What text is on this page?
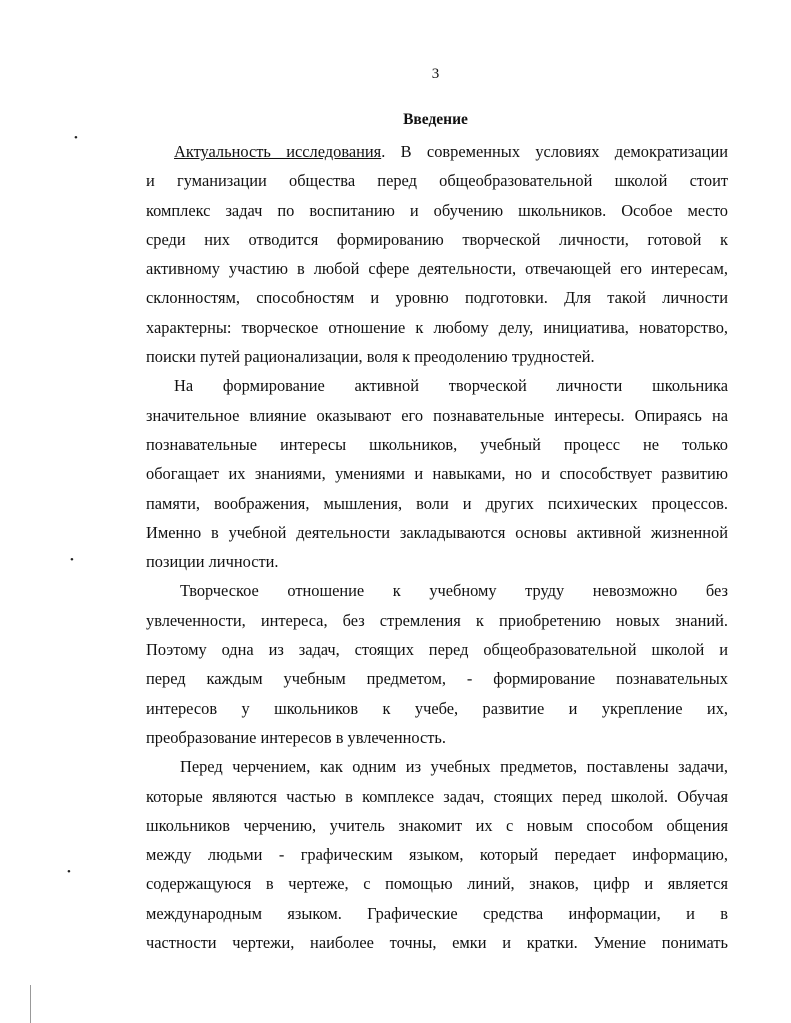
•
•
•
3
Введение
Актуальность исследования. В современных условиях демократизации
и гуманизации общества перед общеобразовательной школой стоит
комплекс задач по воспитанию и обучению школьников. Особое место
среди них отводится формированию творческой личности, готовой к
активному участию в любой сфере деятельности, отвечающей его интересам,
склонностям, способностям и уровню подготовки. Для такой личности
характерны: творческое отношение к любому делу, инициатива, новаторство,
поиски путей рационализации, воля к преодолению трудностей.
На формирование активной творческой личности школьника
значительное влияние оказывают его познавательные интересы. Опираясь на
познавательные интересы школьников, учебный процесс не только
обогащает их знаниями, умениями и навыками, но и способствует развитию
памяти, воображения, мышления, воли и других психических процессов.
Именно в учебной деятельности закладываются основы активной жизненной
позиции личности.
Творческое отношение к учебному труду невозможно без
увлеченности, интереса, без стремления к приобретению новых знаний.
Поэтому одна из задач, стоящих перед общеобразовательной школой и
перед каждым учебным предметом, - формирование познавательных
интересов у школьников к учебе, развитие и укрепление их,
преобразование интересов в увлеченность.
Перед черчением, как одним из учебных предметов, поставлены задачи,
которые являются частью в комплексе задач, стоящих перед школой. Обучая
школьников черчению, учитель знакомит их с новым способом общения
между людьми - графическим языком, который передает информацию,
содержащуюся в чертеже, с помощью линий, знаков, цифр и является
международным языком. Графические средства информации, и в
частности чертежи, наиболее точны, емки и кратки. Умение понимать
